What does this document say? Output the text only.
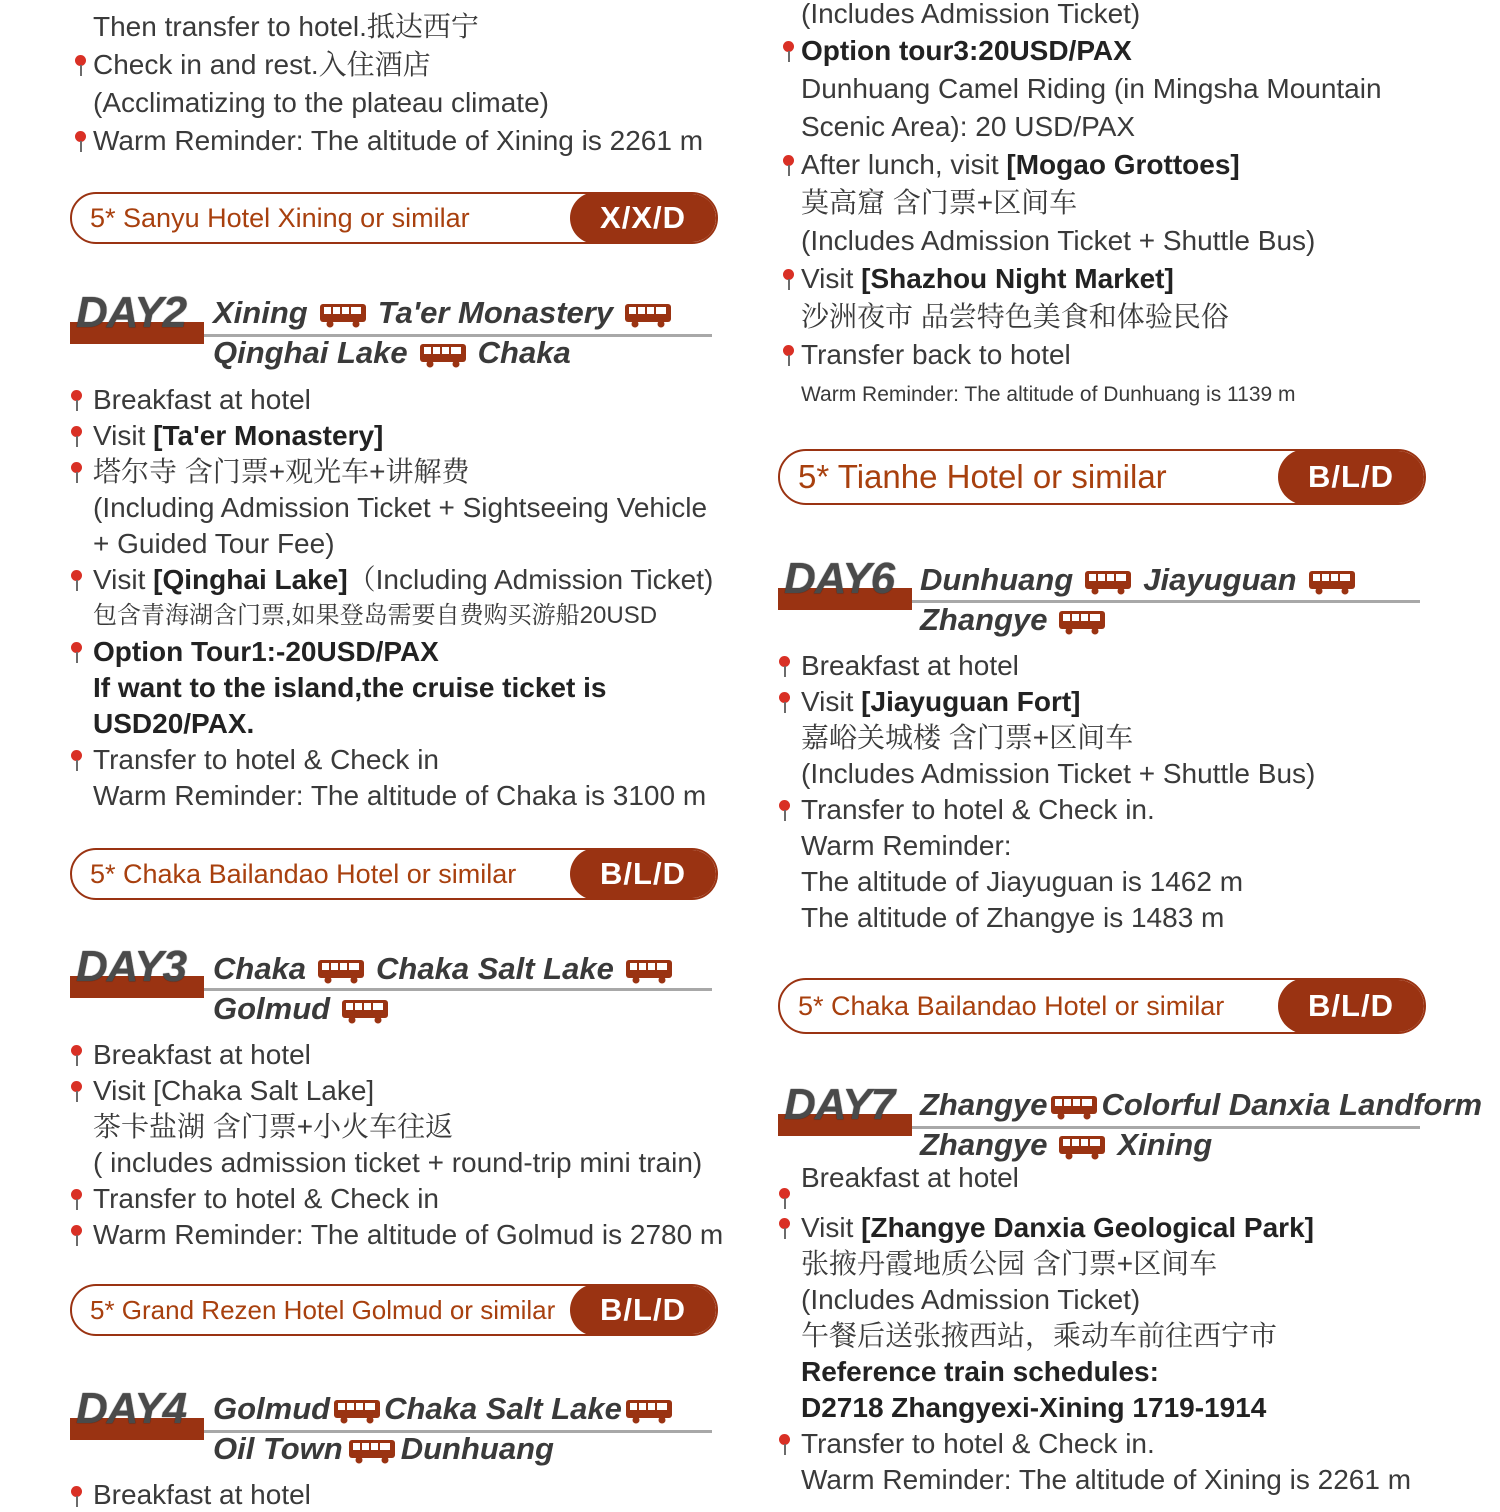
Then transfer to hotel.抵达西宁
Check in and rest.入住酒店
(Acclimatizing to the plateau climate)
Warm Reminder: The altitude of Xining is 2261 m
5* Sanyu Hotel Xining or similar	X/X/D
DAY2 Xining Ta'er Monastery
Qinghai Lake Chaka
Breakfast at hotel
Visit [Ta'er Monastery]
塔尔寺 含门票+观光车+讲解费
(Including Admission Ticket + Sightseeing Vehicle
+ Guided Tour Fee)
Visit [Qinghai Lake]（Including Admission Ticket)
包含青海湖含门票,如果登岛需要自费购买游船20USD
Option Tour1:-20USD/PAX
If want to the island,the cruise ticket is
USD20/PAX.
Transfer to hotel & Check in
Warm Reminder: The altitude of Chaka is 3100 m
5* Chaka Bailandao Hotel or similar	B/L/D
DAY3 Chaka Chaka Salt Lake
Golmud
Breakfast at hotel
Visit [Chaka Salt Lake]
茶卡盐湖 含门票+小火车往返
( includes admission ticket + round-trip mini train)
Transfer to hotel & Check in
Warm Reminder: The altitude of Golmud is 2780 m
5* Grand Rezen Hotel Golmud or similar	B/L/D
DAY4 Golmud Chaka Salt Lake
Oil Town Dunhuang
Breakfast at hotel
(Includes Admission Ticket)
Option tour3:20USD/PAX
Dunhuang Camel Riding (in Mingsha Mountain
Scenic Area): 20 USD/PAX
After lunch, visit [Mogao Grottoes]
莫高窟 含门票+区间车
(Includes Admission Ticket + Shuttle Bus)
Visit [Shazhou Night Market]
沙洲夜市 品尝特色美食和体验民俗
Transfer back to hotel
Warm Reminder: The altitude of Dunhuang is 1139 m
5* Tianhe Hotel or similar	B/L/D
DAY6 Dunhuang Jiayuguan
Zhangye
Breakfast at hotel
Visit [Jiayuguan Fort]
嘉峪关城楼 含门票+区间车
(Includes Admission Ticket + Shuttle Bus)
Transfer to hotel & Check in.
Warm Reminder:
The altitude of Jiayuguan is 1462 m
The altitude of Zhangye is 1483 m
5* Chaka Bailandao Hotel or similar	B/L/D
DAY7 Zhangye Colorful Danxia Landform
Zhangye Xining
Breakfast at hotel
Visit [Zhangye Danxia Geological Park]
张掖丹霞地质公园 含门票+区间车
(Includes Admission Ticket)
午餐后送张掖西站，乘动车前往西宁市
Reference train schedules:
D2718 Zhangyexi-Xining 1719-1914
Transfer to hotel & Check in.
Warm Reminder: The altitude of Xining is 2261 m
